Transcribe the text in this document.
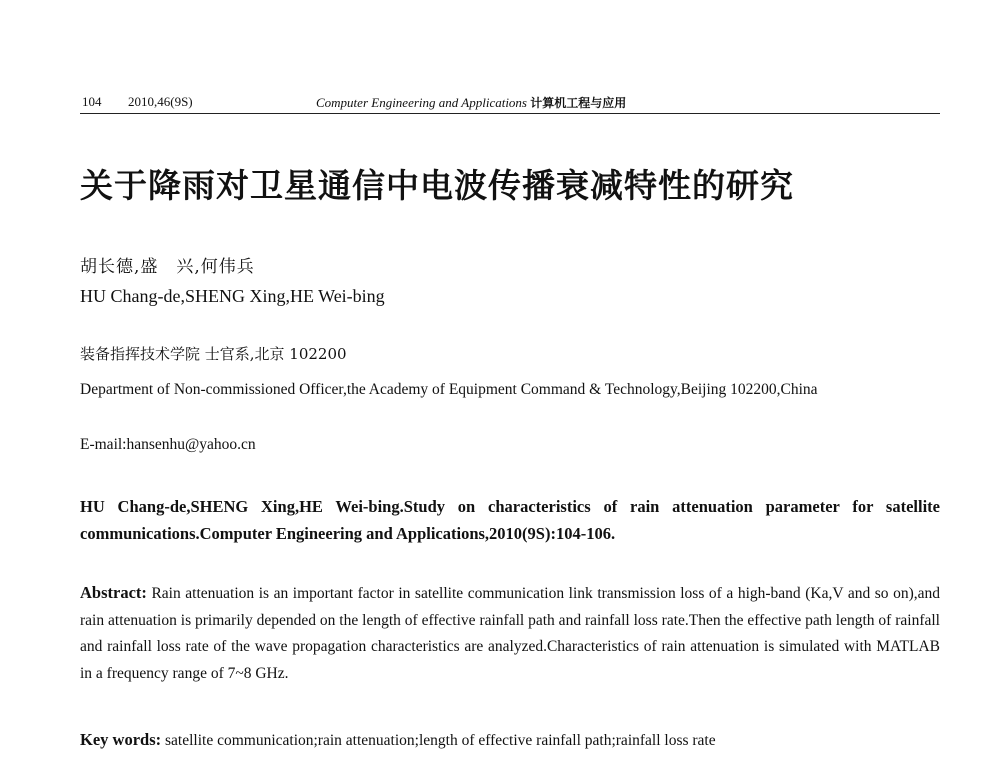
104 2010,46(9S)	Computer Engineering and Applications 计算机工程与应用
关于降雨对卫星通信中电波传播衰减特性的研究
胡长德,盛　兴,何伟兵
HU Chang-de,SHENG Xing,HE Wei-bing
装备指挥技术学院 士官系,北京 102200
Department of Non-commissioned Officer,the Academy of Equipment Command & Technology,Beijing 102200,China
E-mail:hansenhu@yahoo.cn
HU Chang-de,SHENG Xing,HE Wei-bing.Study on characteristics of rain attenuation parameter for satellite communications.Computer Engineering and Applications,2010(9S):104-106.
Abstract: Rain attenuation is an important factor in satellite communication link transmission loss of a high-band (Ka,V and so on),and rain attenuation is primarily depended on the length of effective rainfall path and rainfall loss rate.Then the effective path length of rainfall and rainfall loss rate of the wave propagation characteristics are analyzed.Characteristics of rain attenuation is simulated with MATLAB in a frequency range of 7~8 GHz.
Key words: satellite communication;rain attenuation;length of effective rainfall path;rainfall loss rate
